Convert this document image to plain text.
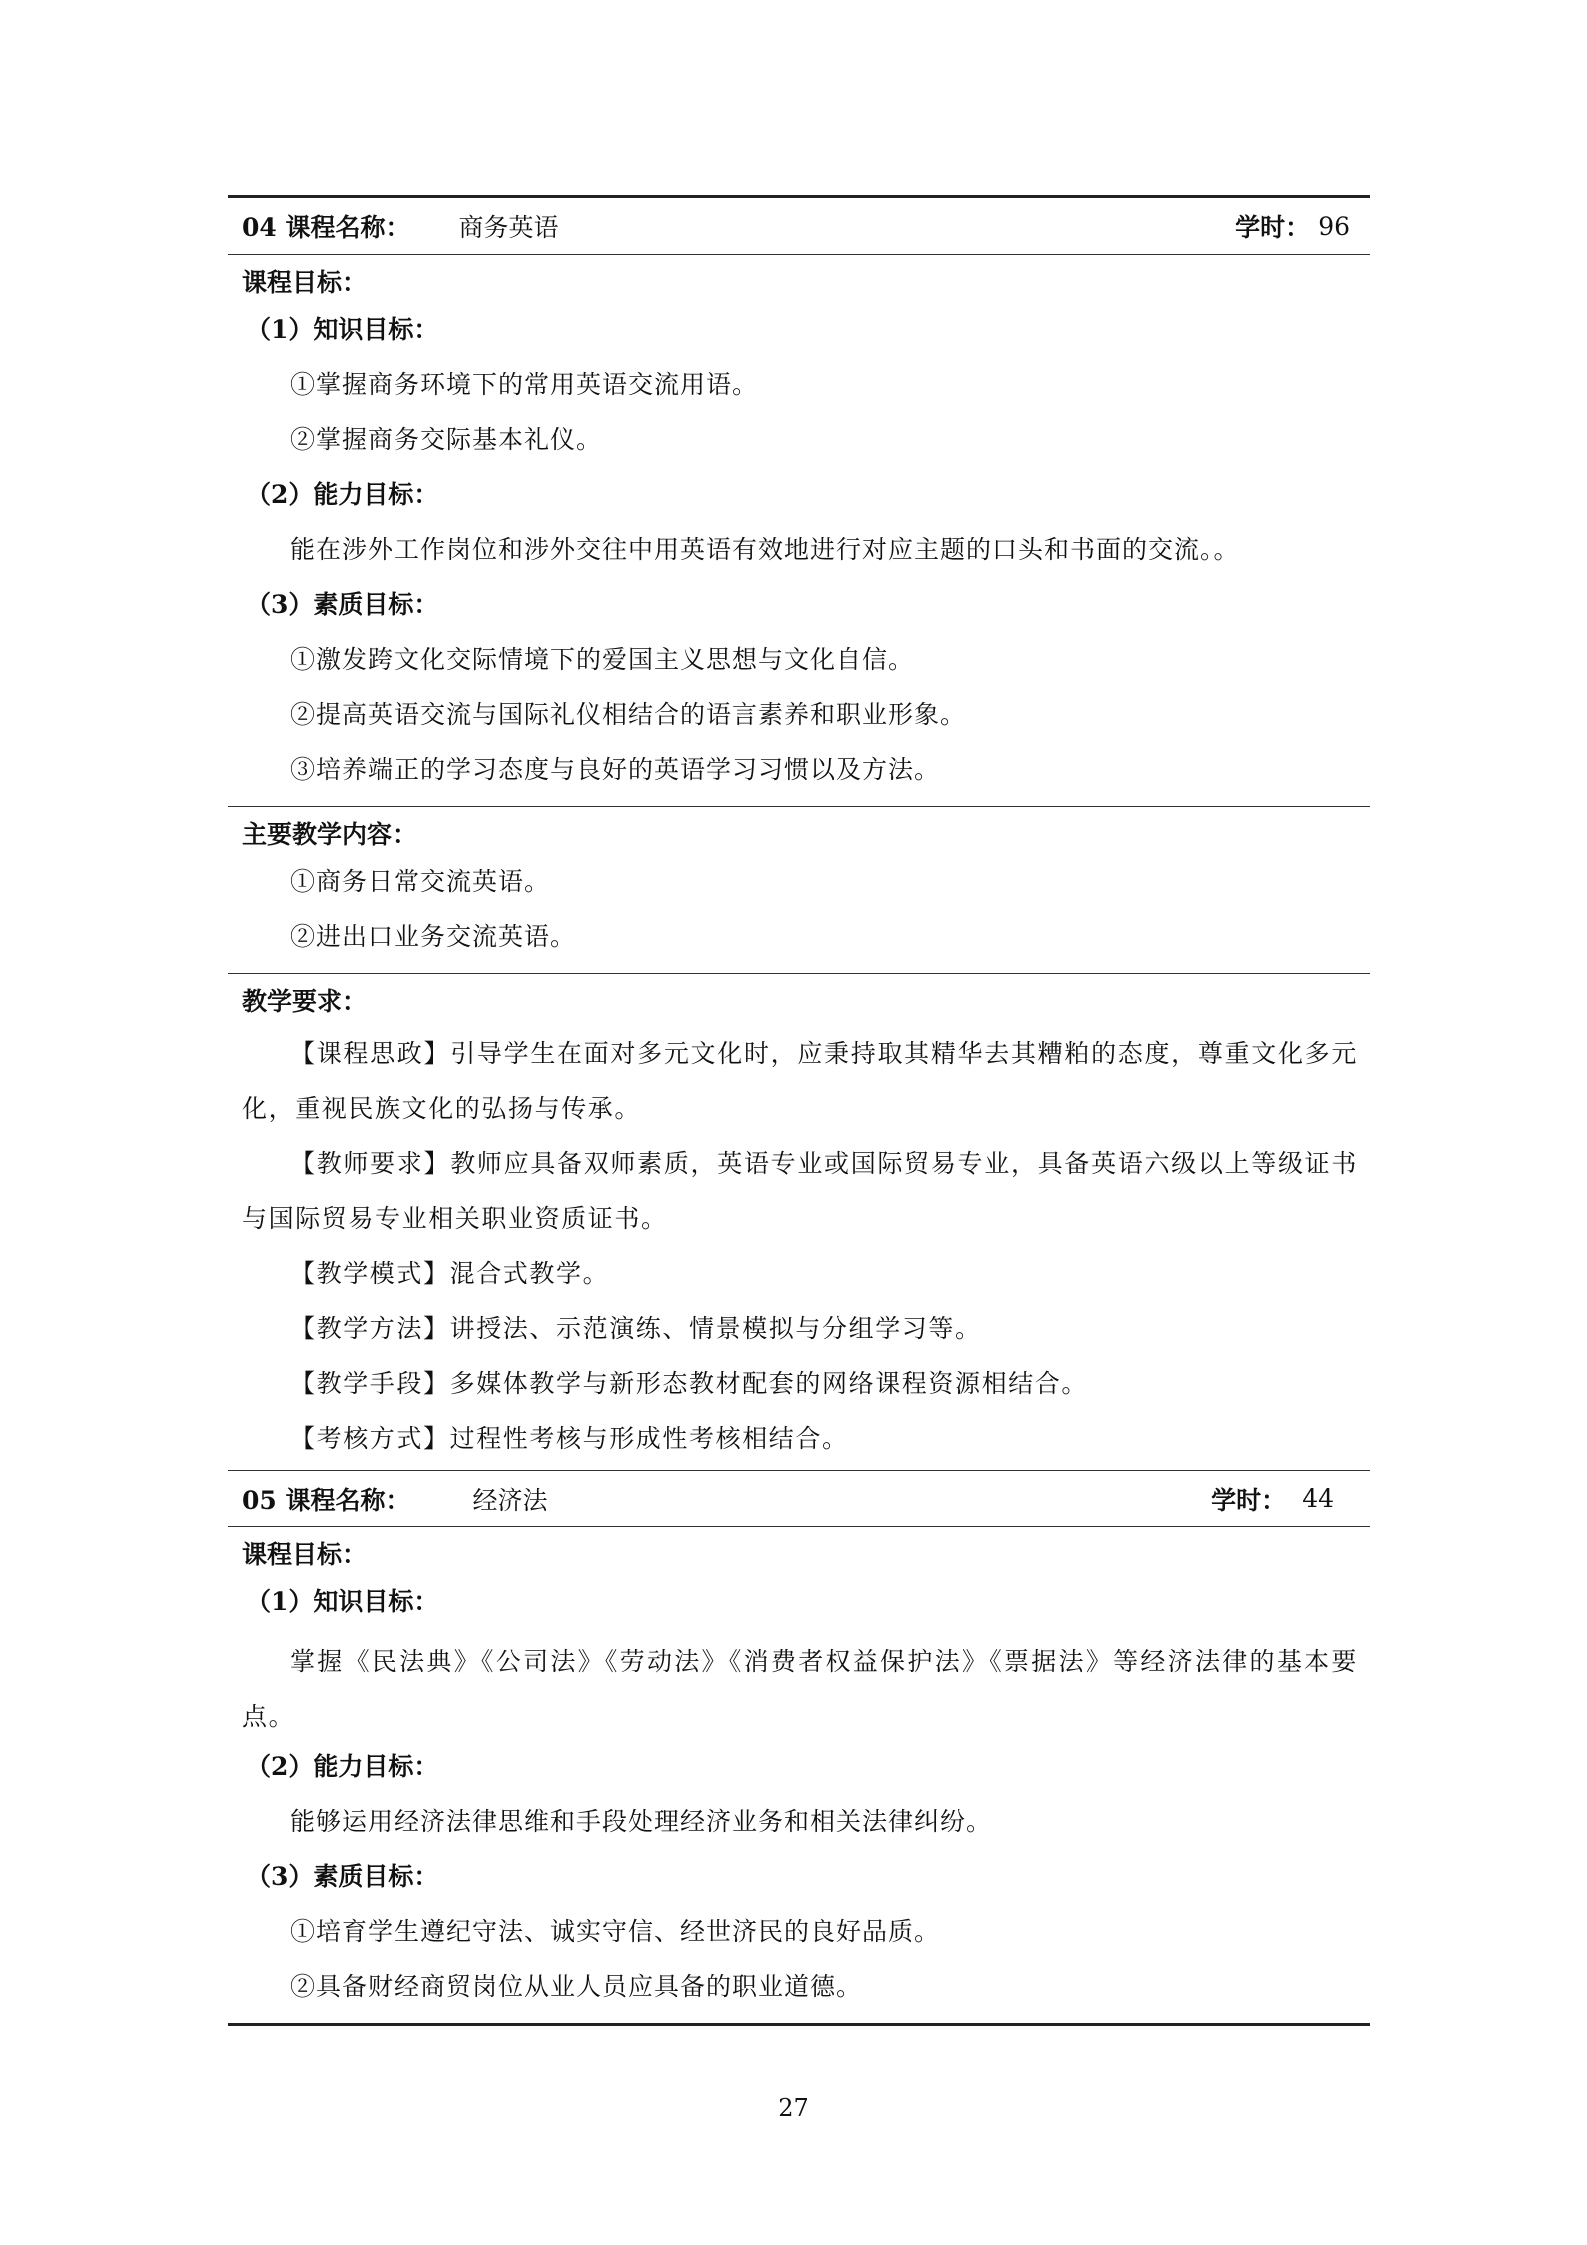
04 课程名称： 商务英语	学时： 96
课程目标：
（1）知识目标：
①掌握商务环境下的常用英语交流用语。
②掌握商务交际基本礼仪。
（2）能力目标：
能在涉外工作岗位和涉外交往中用英语有效地进行对应主题的口头和书面的交流。。
（3）素质目标：
①激发跨文化交际情境下的爱国主义思想与文化自信。
②提高英语交流与国际礼仪相结合的语言素养和职业形象。
③培养端正的学习态度与良好的英语学习习惯以及方法。
主要教学内容：
①商务日常交流英语。
②进出口业务交流英语。
教学要求：
【课程思政】引导学生在面对多元文化时，应秉持取其精华去其糟粕的态度，尊重文化多元化，重视民族文化的弘扬与传承。
【教师要求】教师应具备双师素质，英语专业或国际贸易专业，具备英语六级以上等级证书与国际贸易专业相关职业资质证书。
【教学模式】混合式教学。
【教学方法】讲授法、示范演练、情景模拟与分组学习等。
【教学手段】多媒体教学与新形态教材配套的网络课程资源相结合。
【考核方式】过程性考核与形成性考核相结合。
05 课程名称： 经济法	学时： 44
课程目标：
（1）知识目标：
掌握《民法典》《公司法》《劳动法》《消费者权益保护法》《票据法》等经济法律的基本要点。
（2）能力目标：
能够运用经济法律思维和手段处理经济业务和相关法律纠纷。
（3）素质目标：
①培育学生遵纪守法、诚实守信、经世济民的良好品质。
②具备财经商贸岗位从业人员应具备的职业道德。
27
